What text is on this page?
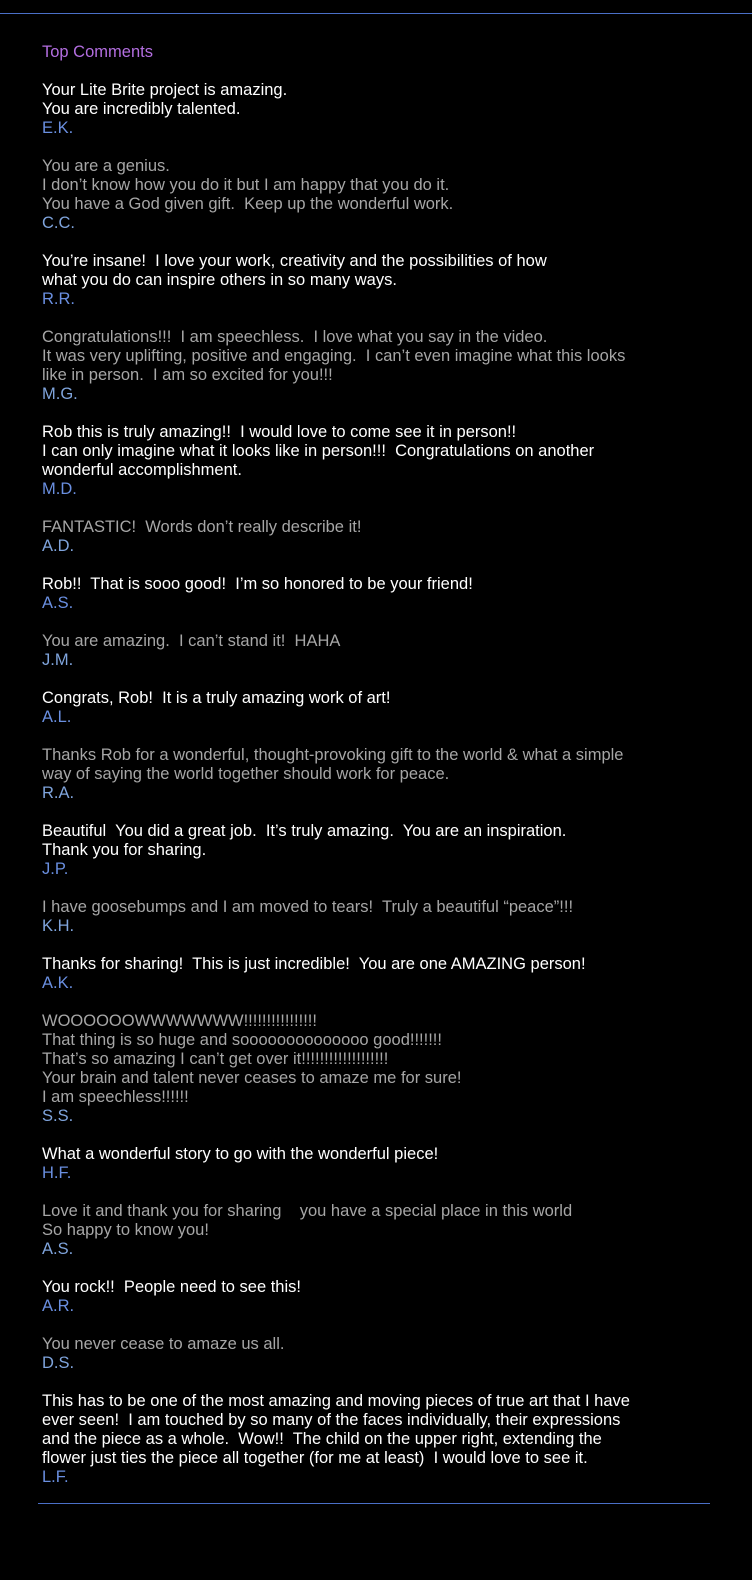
Top Comments
Your Lite Brite project is amazing.
You are incredibly talented.
E.K.
You are a genius.
I don’t know how you do it but I am happy that you do it.
You have a God given gift.  Keep up the wonderful work.
C.C.
You’re insane!  I love your work, creativity and the possibilities of how
what you do can inspire others in so many ways.
R.R.
Congratulations!!!  I am speechless.  I love what you say in the video.
It was very uplifting, positive and engaging.  I can’t even imagine what this looks
like in person.  I am so excited for you!!!
M.G.
Rob this is truly amazing!!  I would love to come see it in person!!
I can only imagine what it looks like in person!!!  Congratulations on another
wonderful accomplishment.
M.D.
FANTASTIC!  Words don’t really describe it!
A.D.
Rob!!  That is sooo good!  I’m so honored to be your friend!
A.S.
You are amazing.  I can’t stand it!  HAHA
J.M.
Congrats, Rob!  It is a truly amazing work of art!
A.L.
Thanks Rob for a wonderful, thought-provoking gift to the world & what a simple
way of saying the world together should work for peace.
R.A.
Beautiful  You did a great job.  It’s truly amazing.  You are an inspiration.
Thank you for sharing.
J.P.
I have goosebumps and I am moved to tears!  Truly a beautiful “peace”!!!
K.H.
Thanks for sharing!  This is just incredible!  You are one AMAZING person!
A.K.
WOOOOOOWWWWWWW!!!!!!!!!!!!!!!!
That thing is so huge and soooooooooooooo good!!!!!!!
That’s so amazing I can’t get over it!!!!!!!!!!!!!!!!!!!
Your brain and talent never ceases to amaze me for sure!
I am speechless!!!!!!
S.S.
What a wonderful story to go with the wonderful piece!
H.F.
Love it and thank you for sharing    you have a special place in this world
So happy to know you!
A.S.
You rock!!  People need to see this!
A.R.
You never cease to amaze us all.
D.S.
This has to be one of the most amazing and moving pieces of true art that I have
ever seen!  I am touched by so many of the faces individually, their expressions
and the piece as a whole.  Wow!!  The child on the upper right, extending the
flower just ties the piece all together (for me at least)  I would love to see it.
L.F.
